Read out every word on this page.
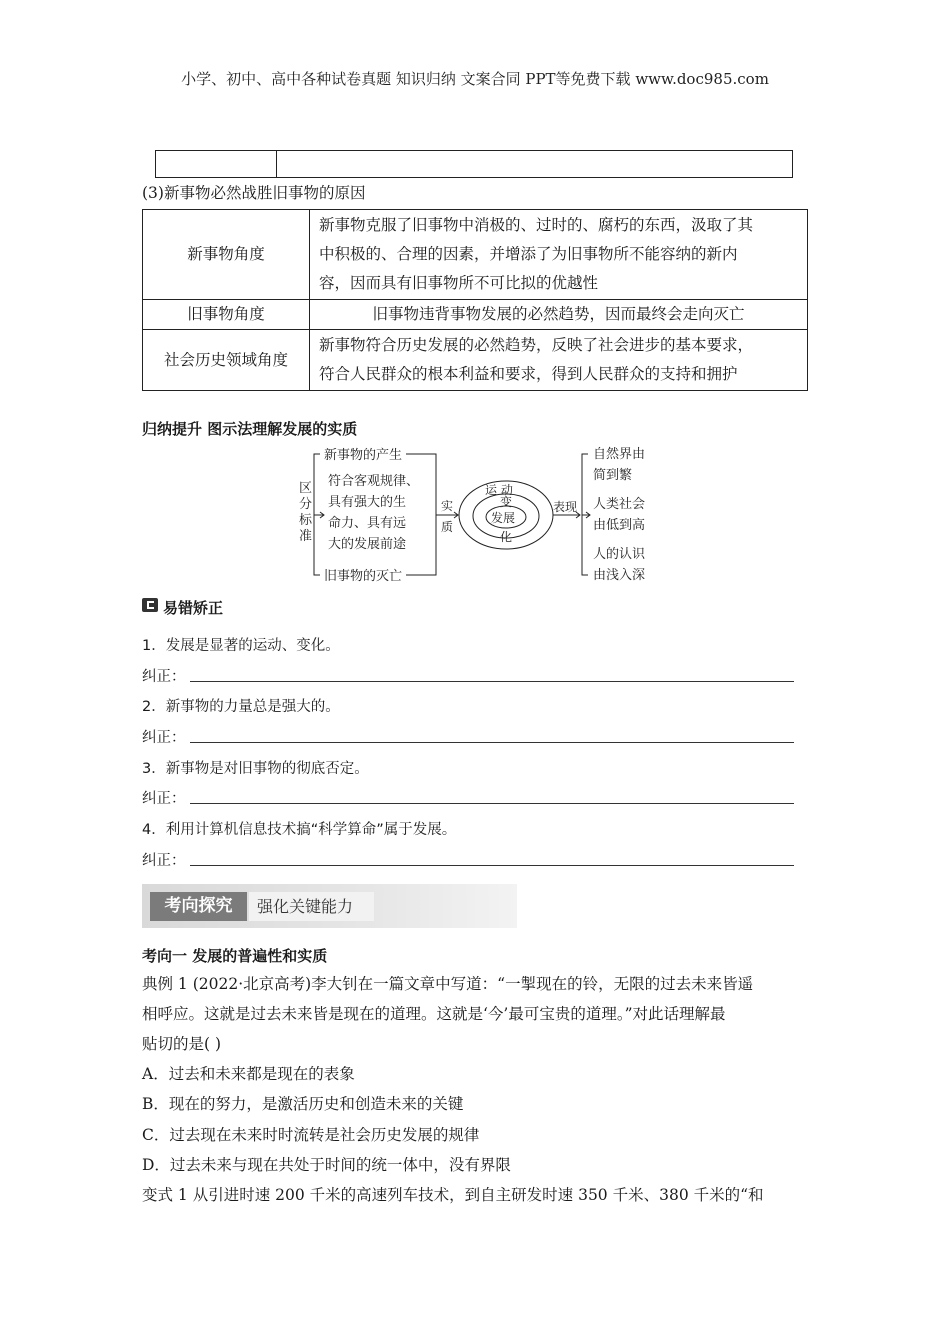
小学、初中、高中各种试卷真题 知识归纳 文案合同 PPT等免费下载 www.doc985.com
(3)新事物必然战胜旧事物的原因
新事物角度	新事物克服了旧事物中消极的、过时的、腐朽的东西，汲取了其
中积极的、合理的因素，并增添了为旧事物所不能容纳的新内
容，因而具有旧事物所不可比拟的优越性

旧事物角度	旧事物违背事物发展的必然趋势，因而最终会走向灭亡
社会历史领域角度	新事物符合历史发展的必然趋势，反映了社会进步的基本要求，
符合人民群众的根本利益和要求，得到人民群众的支持和拥护
归纳提升 图示法理解发展的实质
区
分
标
准
新事物的产生
符合客观规律、
具有强大的生
命力、具有远
大的发展前途
旧事物的灭亡
实
质
运 动
化
变
发展
表现
自然界由
简到繁
人类社会
由低到高
人的认识
由浅入深
易错矫正
1．发展是显著的运动、变化。
纠正：
2．新事物的力量总是强大的。
纠正：
3．新事物是对旧事物的彻底否定。
纠正：
4．利用计算机信息技术搞“科学算命”属于发展。
纠正：
考向探究	强化关键能力
考向一 发展的普遍性和实质
典例 1 (2022·北京高考)李大钊在一篇文章中写道：“一掣现在的铃，无限的过去未来皆遥
相呼应。这就是过去未来皆是现在的道理。这就是‘今’最可宝贵的道理。”对此话理解最
贴切的是( )
A．过去和未来都是现在的表象
B．现在的努力，是激活历史和创造未来的关键
C．过去现在未来时时流转是社会历史发展的规律
D．过去未来与现在共处于时间的统一体中，没有界限
变式 1 从引进时速 200 千米的高速列车技术，到自主研发时速 350 千米、380 千米的“和
